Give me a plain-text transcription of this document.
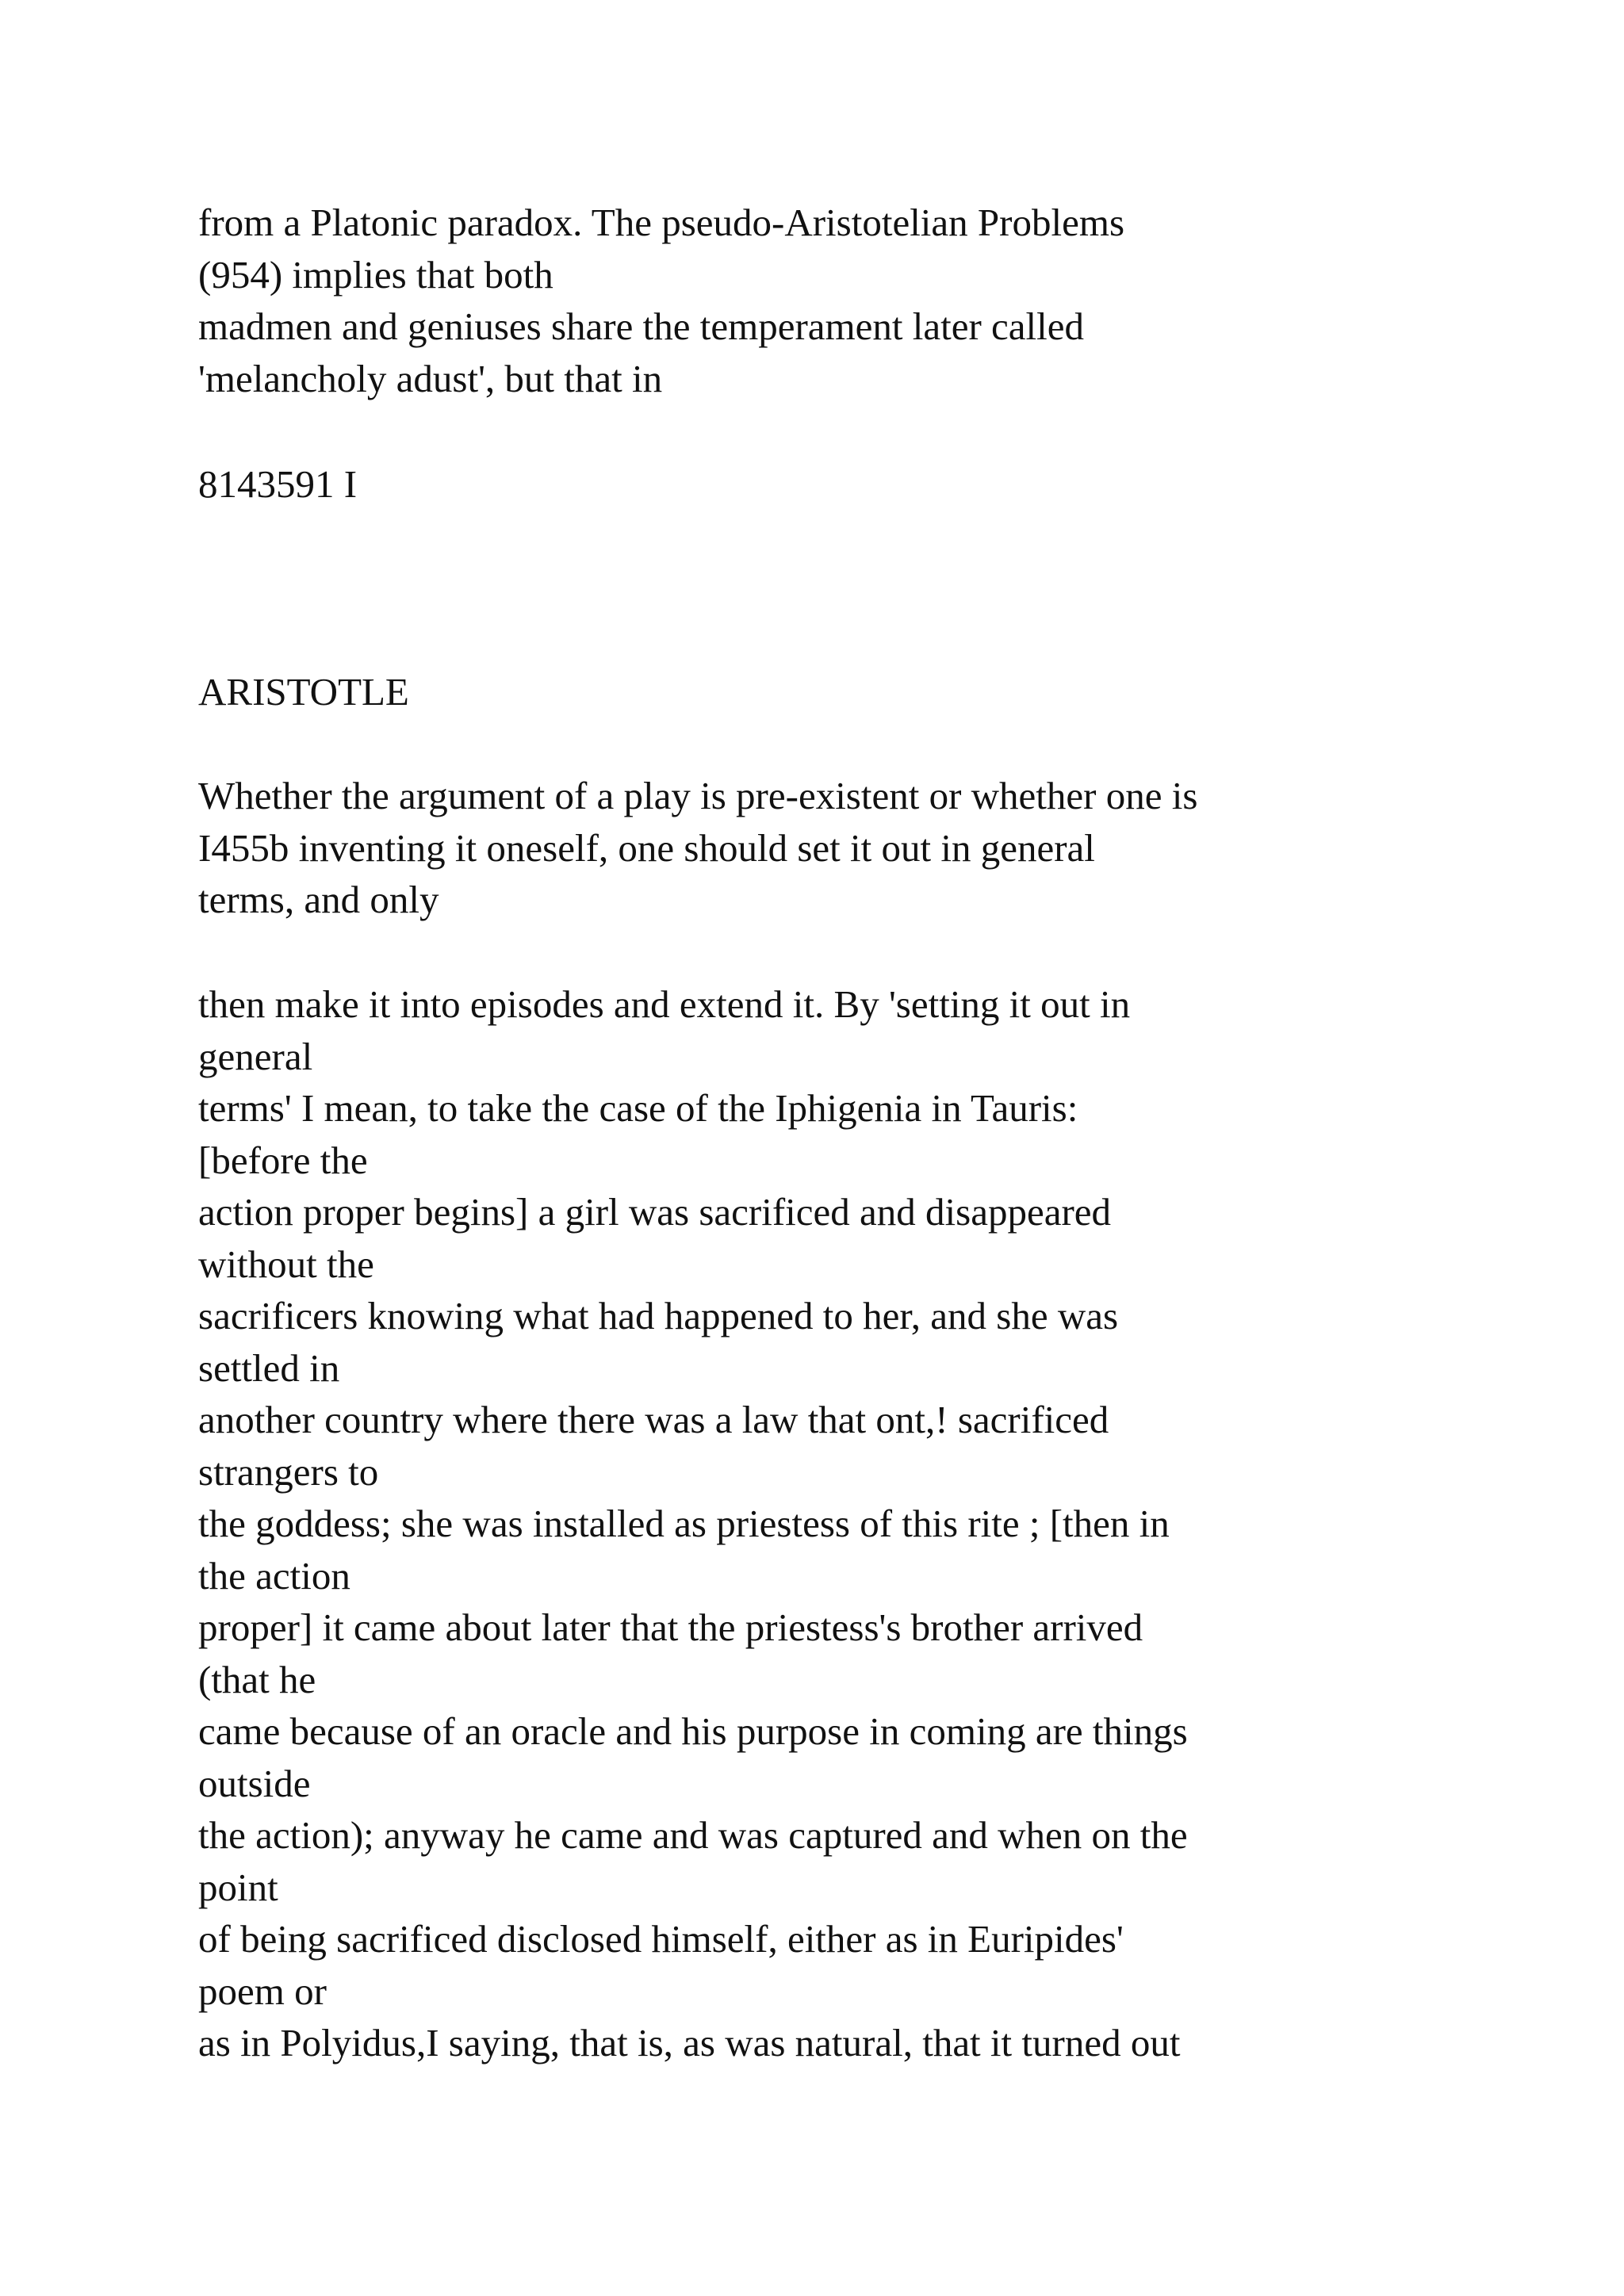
from a Platonic paradox. The pseudo-Aristotelian Problems
(954) implies that both
madmen and geniuses share the temperament later called
'melancholy adust', but that in
8143591 I
ARISTOTLE
Whether the argument of a play is pre-existent or whether one is
I455b inventing it oneself, one should set it out in general
terms, and only
then make it into episodes and extend it. By 'setting it out in
general
terms' I mean, to take the case of the Iphigenia in Tauris:
[before the
action proper begins] a girl was sacrificed and disappeared
without the
sacrificers knowing what had happened to her, and she was
settled in
another country where there was a law that ont,! sacrificed
strangers to
the goddess; she was installed as priestess of this rite ; [then in
the action
proper] it came about later that the priestess's brother arrived
(that he
came because of an oracle and his purpose in coming are things
outside
the action); anyway he came and was captured and when on the
point
of being sacrificed disclosed himself, either as in Euripides'
poem or
as in Polyidus,I saying, that is, as was natural, that it turned out
